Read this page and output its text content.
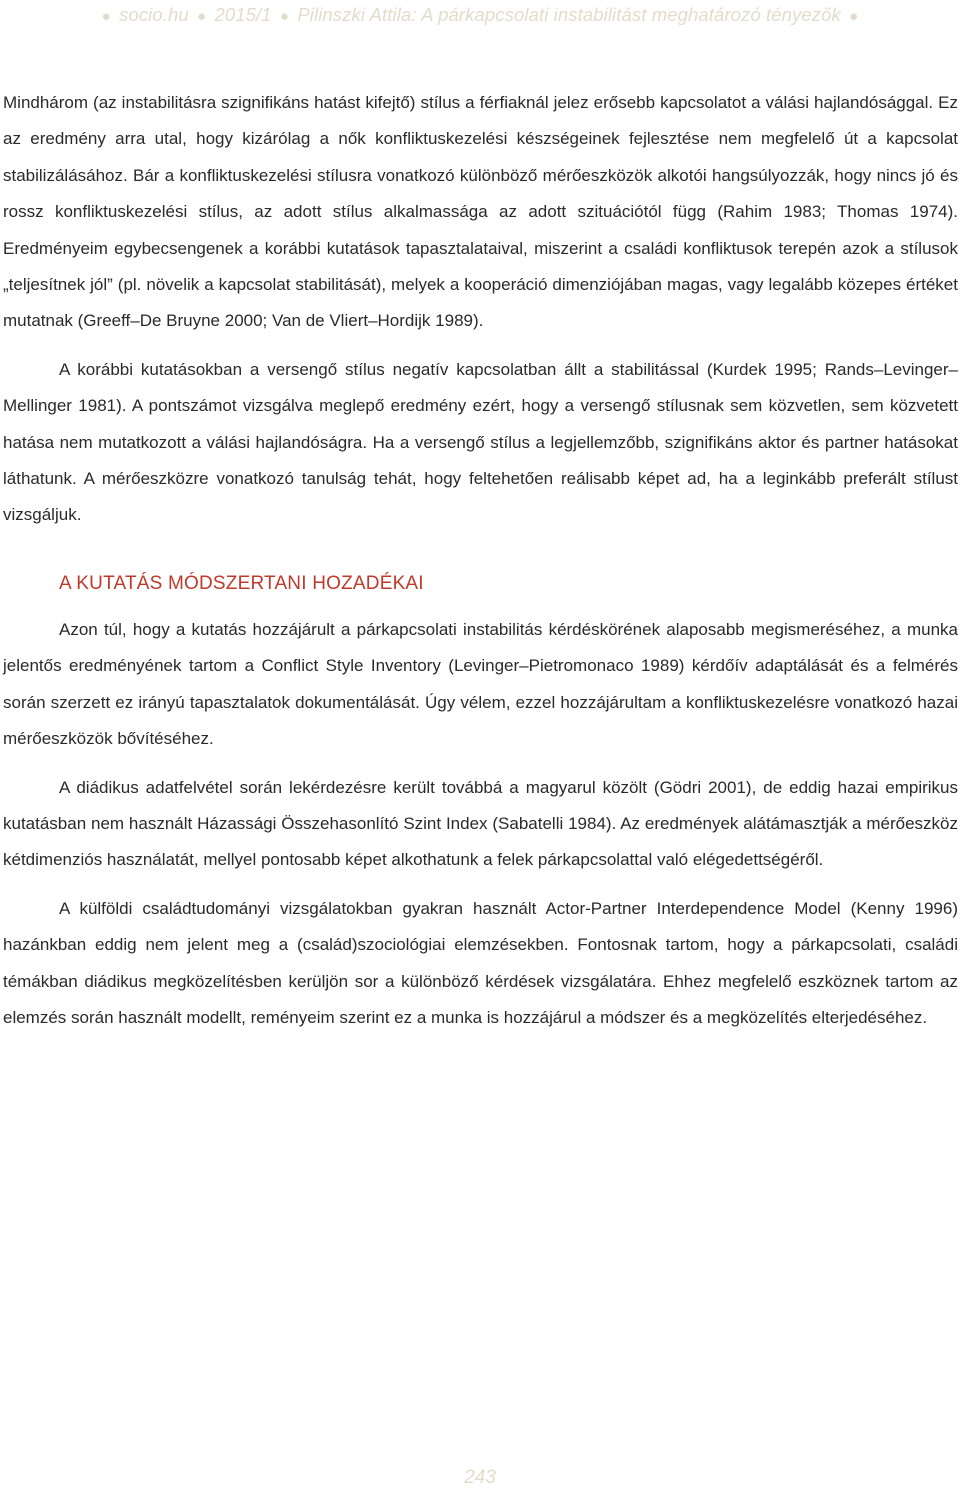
● socio.hu ● 2015/1 ● Pilinszki Attila: A párkapcsolati instabilitást meghatározó tényezők ●

Mindhárom (az instabilitásra szignifikáns hatást kifejtő) stílus a férfiaknál jelez erősebb kapcsolatot a válási hajlandósággal. Ez az eredmény arra utal, hogy kizárólag a nők konfliktuskezelési készségeinek fejlesztése nem megfelelő út a kapcsolat stabilizálásához. Bár a konfliktuskezelési stílusra vonatkozó különböző mérőeszközök alkotói hangsúlyozzák, hogy nincs jó és rossz konfliktuskezelési stílus, az adott stílus alkalmassága az adott szituációtól függ (Rahim 1983; Thomas 1974). Eredményeim egybecsengenek a korábbi kutatások tapasztalataival, miszerint a családi konfliktusok terepén azok a stílusok „teljesítnek jól” (pl. növelik a kapcsolat stabilitását), melyek a kooperáció dimenziójában magas, vagy legalább közepes értéket mutatnak (Greeff–De Bruyne 2000; Van de Vliert–Hordijk 1989).

A korábbi kutatásokban a versengő stílus negatív kapcsolatban állt a stabilitással (Kurdek 1995; Rands–Levinger–Mellinger 1981). A pontszámot vizsgálva meglepő eredmény ezért, hogy a versengő stílusnak sem közvetlen, sem közvetett hatása nem mutatkozott a válási hajlandóságra. Ha a versengő stílus a legjellemzőbb, szignifikáns aktor és partner hatásokat láthatunk. A mérőeszközre vonatkozó tanulság tehát, hogy feltehetően reálisabb képet ad, ha a leginkább preferált stílust vizsgáljuk.

A KUTATÁS MÓDSZERTANI HOZADÉKAI

Azon túl, hogy a kutatás hozzájárult a párkapcsolati instabilitás kérdéskörének alaposabb megismeréséhez, a munka jelentős eredményének tartom a Conflict Style Inventory (Levinger–Pietromonaco 1989) kérdőív adaptálását és a felmérés során szerzett ez irányú tapasztalatok dokumentálását. Úgy vélem, ezzel hozzájárultam a konfliktuskezelésre vonatkozó hazai mérőeszközök bővítéséhez.

A diádikus adatfelvétel során lekérdezésre került továbbá a magyarul közölt (Gödri 2001), de eddig hazai empirikus kutatásban nem használt Házassági Összehasonlító Szint Index (Sabatelli 1984). Az eredmények alátámasztják a mérőeszköz kétdimenziós használatát, mellyel pontosabb képet alkothatunk a felek párkapcsolattal való elégedettségéről.

A külföldi családtudományi vizsgálatokban gyakran használt Actor-Partner Interdependence Model (Kenny 1996) hazánkban eddig nem jelent meg a (család)szociológiai elemzésekben. Fontosnak tartom, hogy a párkapcsolati, családi témákban diádikus megközelítésben kerüljön sor a különböző kérdések vizsgálatára. Ehhez megfelelő eszköznek tartom az elemzés során használt modellt, reményeim szerint ez a munka is hozzájárul a módszer és a megközelítés elterjedéséhez.

243
